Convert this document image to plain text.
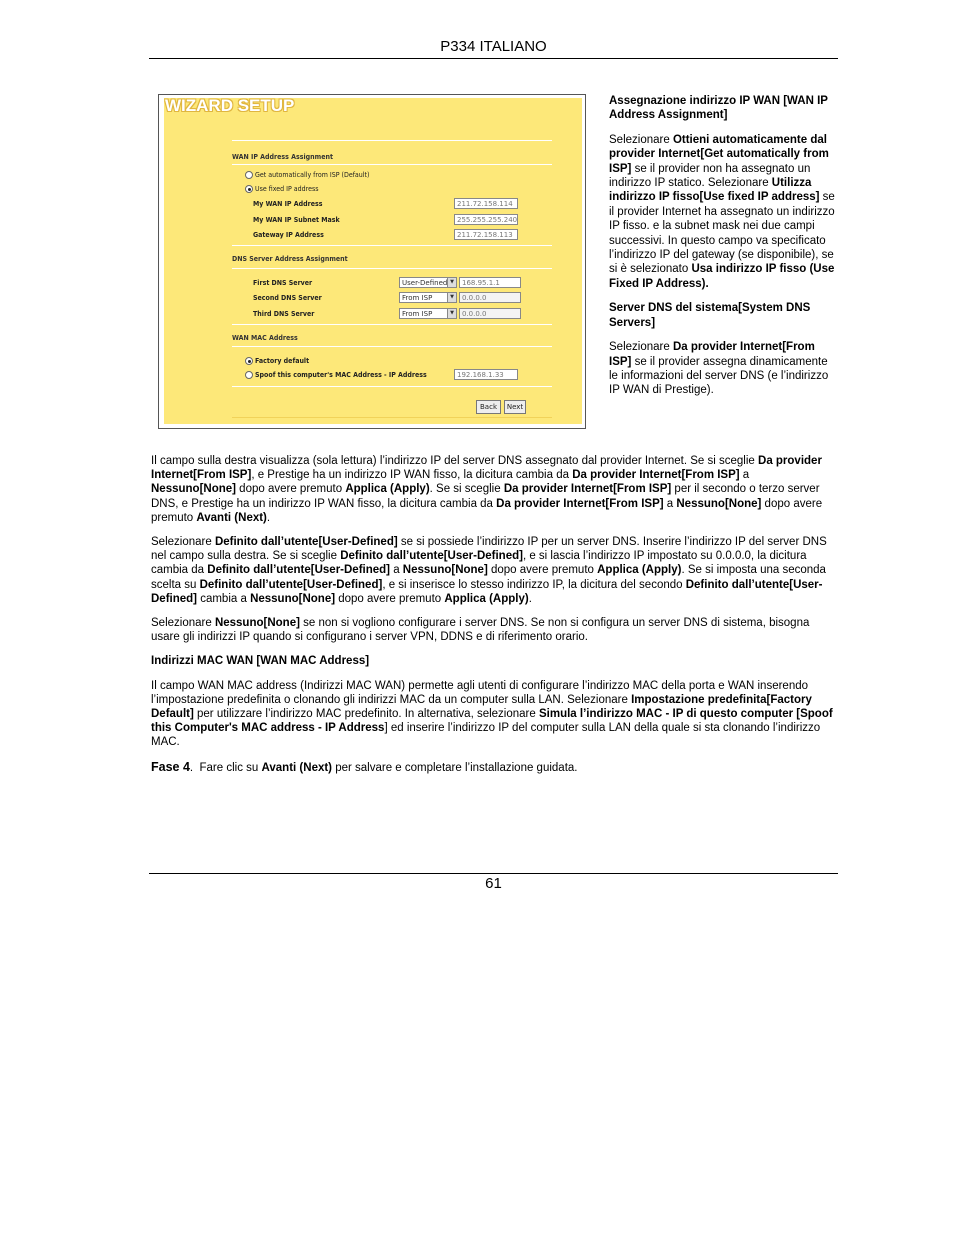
P334 ITALIANO
WIZARD SETUP
WAN IP Address Assignment
Get automatically from ISP (Default)
Use fixed IP address
My WAN IP Address	211.72.158.114
My WAN IP Subnet Mask	255.255.255.240
Gateway IP Address	211.72.158.113
DNS Server Address Assignment
First DNS Server	User-Defined ▼	168.95.1.1
Second DNS Server	From ISP	▼	0.0.0.0
Third DNS Server	From ISP	▼	0.0.0.0
WAN MAC Address
Factory default
Spoof this computer's MAC Address - IP Address	192.168.1.33
Back	Next

Assegnazione indirizzo IP WAN [WAN IP Address Assignment]

Selezionare Ottieni automaticamente dal provider Internet[Get automatically from ISP] se il provider non ha assegnato un indirizzo IP statico. Selezionare Utilizza indirizzo IP fisso[Use fixed IP address] se il provider Internet ha assegnato un indirizzo IP fisso. e la subnet mask nei due campi successivi. In questo campo va specificato l’indirizzo IP del gateway (se disponibile), se si è selezionato Usa indirizzo IP fisso (Use Fixed IP Address).

Server DNS del sistema[System DNS Servers]

Selezionare Da provider Internet[From ISP] se il provider assegna dinamicamente le informazioni del server DNS (e l’indirizzo IP WAN di Prestige).

Il campo sulla destra visualizza (sola lettura) l’indirizzo IP del server DNS assegnato dal provider Internet. Se si sceglie Da provider Internet[From ISP], e Prestige ha un indirizzo IP WAN fisso, la dicitura cambia da Da provider Internet[From ISP] a Nessuno[None] dopo avere premuto Applica (Apply). Se si sceglie Da provider Internet[From ISP] per il secondo o terzo server DNS, e Prestige ha un indirizzo IP WAN fisso, la dicitura cambia da Da provider Internet[From ISP] a Nessuno[None] dopo avere premuto Avanti (Next).

Selezionare Definito dall’utente[User-Defined] se si possiede l’indirizzo IP per un server DNS. Inserire l’indirizzo IP del server DNS nel campo sulla destra. Se si sceglie Definito dall’utente[User-Defined], e si lascia l’indirizzo IP impostato su 0.0.0.0, la dicitura cambia da Definito dall’utente[User-Defined] a Nessuno[None] dopo avere premuto Applica (Apply). Se si imposta una seconda scelta su Definito dall’utente[User-Defined], e si inserisce lo stesso indirizzo IP, la dicitura del secondo Definito dall’utente[User-Defined] cambia a Nessuno[None] dopo avere premuto Applica (Apply).

Selezionare Nessuno[None] se non si vogliono configurare i server DNS. Se non si configura un server DNS di sistema, bisogna usare gli indirizzi IP quando si configurano i server VPN, DDNS e di riferimento orario.

Indirizzi MAC WAN [WAN MAC Address]

Il campo WAN MAC address (Indirizzi MAC WAN) permette agli utenti di configurare l’indirizzo MAC della porta e WAN inserendo l’impostazione predefinita o clonando gli indirizzi MAC da un computer sulla LAN. Selezionare Impostazione predefinita[Factory Default] per utilizzare l’indirizzo MAC predefinito. In alternativa, selezionare Simula l’indirizzo MAC - IP di questo computer [Spoof this Computer's MAC address - IP Address] ed inserire l’indirizzo IP del computer sulla LAN della quale si sta clonando l’indirizzo MAC.

Fase 4.  Fare clic su Avanti (Next) per salvare e completare l’installazione guidata.

61
